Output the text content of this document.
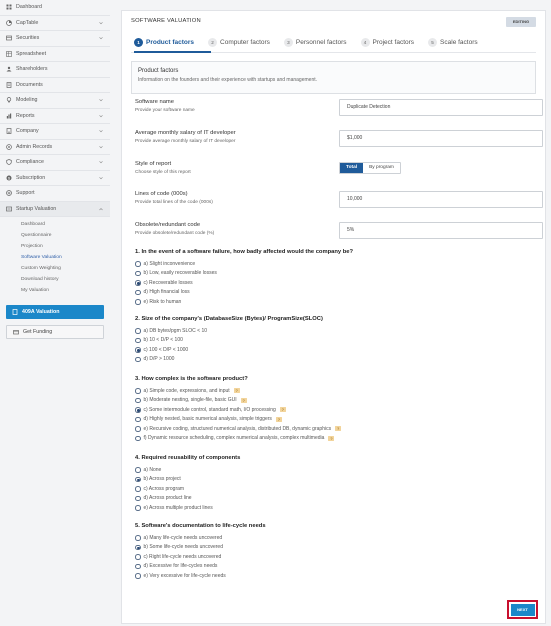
Dashboard
CapTable
Securities
Spreadsheet
Shareholders
Documents
Modeling
Reports
Company
Admin Records
Compliance
$ Subscription
Support
Startup Valuation
Dashboard
Questionnaire
Projection
Software Valuation
Custom Weighting
Download history
My Valuation
409A Valuation
Get Funding
SOFTWARE VALUATION	EDITING
1 Product factors	2 Computer factors	3 Personnel factors	4 Project factors	5 Scale factors
Product factors
Information on the founders and their experience with startups and management.
Software name
Provide your software name
Duplicate Detection
Average monthly salary of IT developer
Provide average monthly salary of IT developer
$1,000
Style of report
Choose style of this report
Total	By program
Lines of code (000s)
Provide total lines of the code (000s)
10,000
Obsolete/redundant code
Provide obsolete/redundant code (%)
5%
1. In the event of a software failure, how badly affected would the company be?
a) Slight inconvenience
b) Low, easily recoverable losses
c) Recoverable losses
d) High financial loss
e) Risk to human
2. Size of the company's (DatabaseSize (Bytes)/ ProgramSize(SLOC)
a) DB bytes/pgm SLOC < 10
b) 10 < D/P < 100
c) 100 < D/P < 1000
d) D/P > 1000
3. How complex is the software product?
a) Simple code, expressions, and input	?
b) Moderate nesting, single-file, basic GUI	?
c) Some intermodule control, standard math, I/O processing	?
d) Highly nested, basic numerical analysis, simple triggers	?
e) Recursive coding, structured numerical analysis, distributed DB, dynamic graphics	?
f) Dynamic resource scheduling, complex numerical analysis, complex multimedia	?
4. Required reusability of components
a) None
b) Across project
c) Across program
d) Across product line
e) Across multiple product lines
5. Software's documentation to life-cycle needs
a) Many life-cycle needs uncovered
b) Some life-cycle needs uncovered
c) Right life-cycle needs uncovered
d) Excessive for life-cycles needs
e) Very excessive for life-cycle needs
NEXT
